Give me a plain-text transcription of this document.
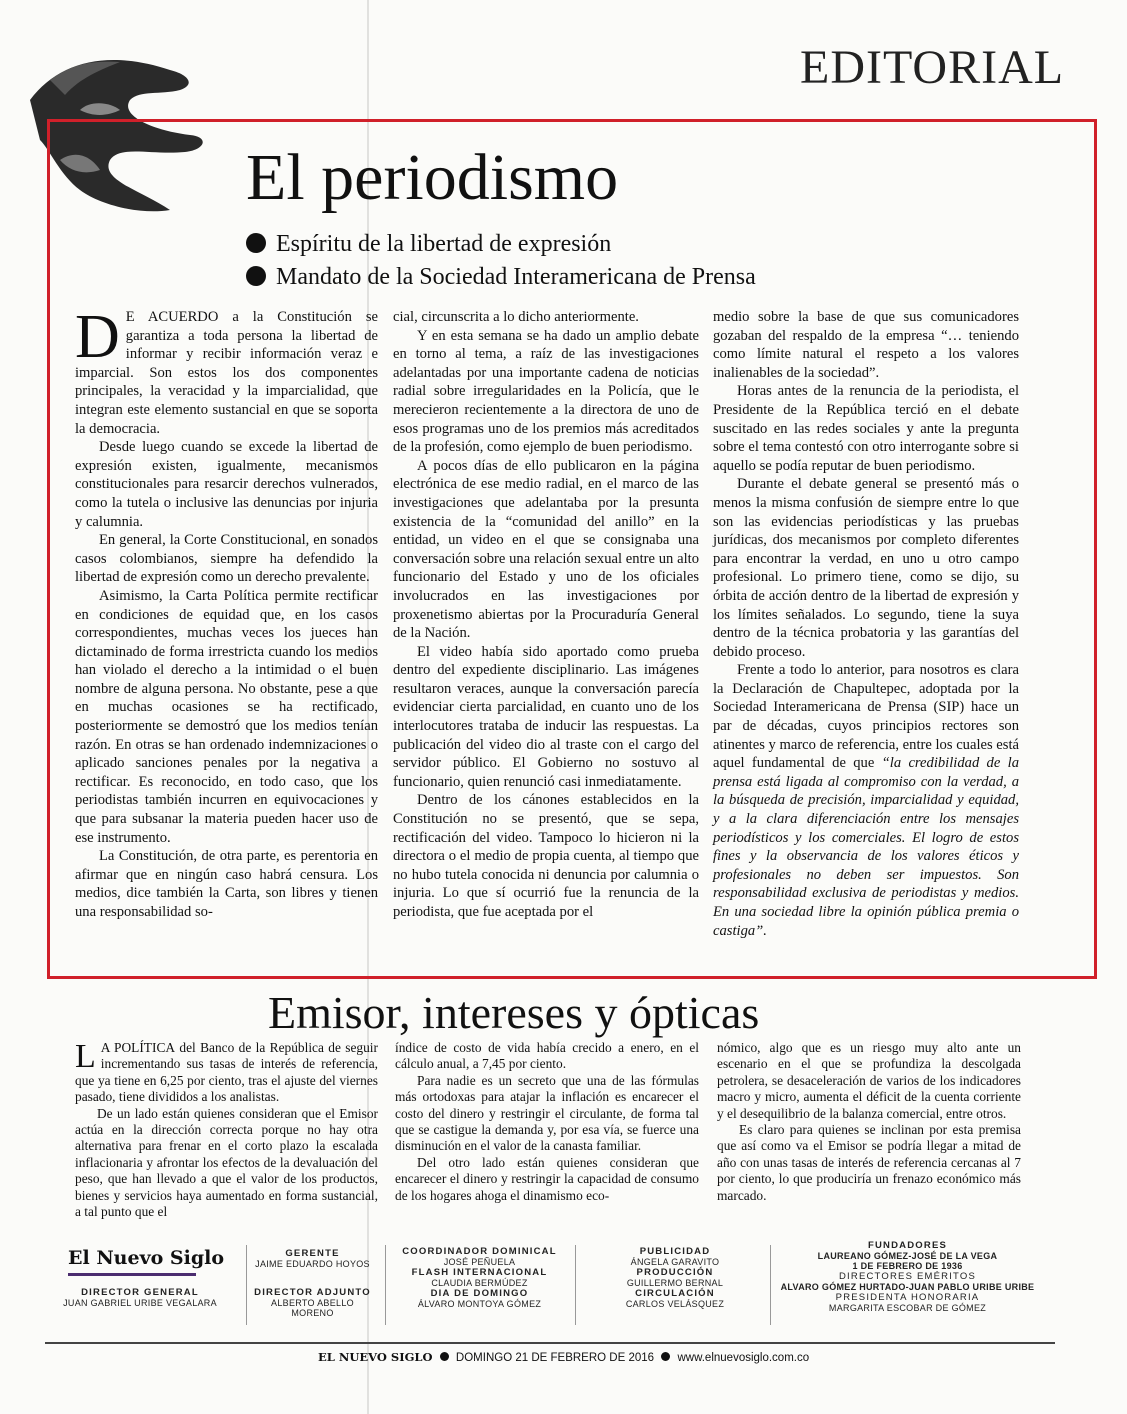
EDITORIAL
El periodismo
Espíritu de la libertad de expresión
Mandato de la Sociedad Interamericana de Prensa

D E ACUERDO a la Constitución se garantiza a toda persona la libertad de informar y recibir información veraz e imparcial. Son estos los dos componentes principales, la veracidad y la imparcialidad, que integran este elemento sustancial en que se soporta la democracia.

Desde luego cuando se excede la libertad de expresión existen, igualmente, mecanismos constitucionales para resarcir derechos vulnerados, como la tutela o inclusive las denuncias por injuria y calumnia.

En general, la Corte Constitucional, en sonados casos colombianos, siempre ha defendido la libertad de expresión como un derecho prevalente.

Asimismo, la Carta Política permite rectificar en condiciones de equidad que, en los casos correspondientes, muchas veces los jueces han dictaminado de forma irrestricta cuando los medios han violado el derecho a la intimidad o el buen nombre de alguna persona. No obstante, pese a que en muchas ocasiones se ha rectificado, posteriormente se demostró que los medios tenían razón. En otras se han ordenado indemnizaciones o aplicado sanciones penales por la negativa a rectificar. Es reconocido, en todo caso, que los periodistas también incurren en equivocaciones y que para subsanar la materia pueden hacer uso de ese instrumento.

La Constitución, de otra parte, es perentoria en afirmar que en ningún caso habrá censura. Los medios, dice también la Carta, son libres y tienen una responsabilidad so-

cial, circunscrita a lo dicho anteriormente.

Y en esta semana se ha dado un amplio debate en torno al tema, a raíz de las investigaciones adelantadas por una importante cadena de noticias radial sobre irregularidades en la Policía, que le merecieron recientemente a la directora de uno de esos programas uno de los premios más acreditados de la profesión, como ejemplo de buen periodismo.

A pocos días de ello publicaron en la página electrónica de ese medio radial, en el marco de las investigaciones que adelantaba por la presunta existencia de la “comunidad del anillo” en la entidad, un video en el que se consignaba una conversación sobre una relación sexual entre un alto funcionario del Estado y uno de los oficiales involucrados en las investigaciones por proxenetismo abiertas por la Procuraduría General de la Nación.

El video había sido aportado como prueba dentro del expediente disciplinario. Las imágenes resultaron veraces, aunque la conversación parecía evidenciar cierta parcialidad, en cuanto uno de los interlocutores trataba de inducir las respuestas. La publicación del video dio al traste con el cargo del servidor público. El Gobierno no sostuvo al funcionario, quien renunció casi inmediatamente.

Dentro de los cánones establecidos en la Constitución no se presentó, que se sepa, rectificación del video. Tampoco lo hicieron ni la directora o el medio de propia cuenta, al tiempo que no hubo tutela conocida ni denuncia por calumnia o injuria. Lo que sí ocurrió fue la renuncia de la periodista, que fue aceptada por el

medio sobre la base de que sus comunicadores gozaban del respaldo de la empresa “… teniendo como límite natural el respeto a los valores inalienables de la sociedad”.

Horas antes de la renuncia de la periodista, el Presidente de la República terció en el debate suscitado en las redes sociales y ante la pregunta sobre el tema contestó con otro interrogante sobre si aquello se podía reputar de buen periodismo.

Durante el debate general se presentó más o menos la misma confusión de siempre entre lo que son las evidencias periodísticas y las pruebas jurídicas, dos mecanismos por completo diferentes para encontrar la verdad, en uno u otro campo profesional. Lo primero tiene, como se dijo, su órbita de acción dentro de la libertad de expresión y los límites señalados. Lo segundo, tiene la suya dentro de la técnica probatoria y las garantías del debido proceso.

Frente a todo lo anterior, para nosotros es clara la Declaración de Chapultepec, adoptada por la Sociedad Interamericana de Prensa (SIP) hace un par de décadas, cuyos principios rectores son atinentes y marco de referencia, entre los cuales está aquel fundamental de que “la credibilidad de la prensa está ligada al compromiso con la verdad, a la búsqueda de precisión, imparcialidad y equidad, y a la clara diferenciación entre los mensajes periodísticos y los comerciales. El logro de estos fines y la observancia de los valores éticos y profesionales no deben ser impuestos. Son responsabilidad exclusiva de periodistas y medios. En una sociedad libre la opinión pública premia o castiga”.

Emisor, intereses y ópticas

L A POLÍTICA del Banco de la República de seguir incrementando sus tasas de interés de referencia, que ya tiene en 6,25 por ciento, tras el ajuste del viernes pasado, tiene divididos a los analistas.

De un lado están quienes consideran que el Emisor actúa en la dirección correcta porque no hay otra alternativa para frenar en el corto plazo la escalada inflacionaria y afrontar los efectos de la devaluación del peso, que han llevado a que el valor de los productos, bienes y servicios haya aumentado en forma sustancial, a tal punto que el

índice de costo de vida había crecido a enero, en el cálculo anual, a 7,45 por ciento.

Para nadie es un secreto que una de las fórmulas más ortodoxas para atajar la inflación es encarecer el costo del dinero y restringir el circulante, de forma tal que se castigue la demanda y, por esa vía, se fuerce una disminución en el valor de la canasta familiar.

Del otro lado están quienes consideran que encarecer el dinero y restringir la capacidad de consumo de los hogares ahoga el dinamismo eco-

nómico, algo que es un riesgo muy alto ante un escenario en el que se profundiza la descolgada petrolera, se desaceleración de varios de los indicadores macro y micro, aumenta el déficit de la cuenta corriente y el desequilibrio de la balanza comercial, entre otros.

Es claro para quienes se inclinan por esta premisa que así como va el Emisor se podría llegar a mitad de año con unas tasas de interés de referencia cercanas al 7 por ciento, lo que produciría un frenazo económico más marcado.

El Nuevo Siglo
DIRECTOR GENERAL
JUAN GABRIEL URIBE VEGALARA
GERENTE
JAIME EDUARDO HOYOS
DIRECTOR ADJUNTO
ALBERTO ABELLO MORENO
COORDINADOR DOMINICAL
JOSÉ PEÑUELA
FLASH INTERNACIONAL
CLAUDIA BERMÚDEZ
DIA DE DOMINGO
ÁLVARO MONTOYA GÓMEZ
PUBLICIDAD
ÁNGELA GARAVITO
PRODUCCIÓN
GUILLERMO BERNAL
CIRCULACIÓN
CARLOS VELÁSQUEZ
FUNDADORES
LAUREANO GÓMEZ-JOSÉ DE LA VEGA
1 DE FEBRERO DE 1936
DIRECTORES EMÉRITOS
ALVARO GÓMEZ HURTADO-JUAN PABLO URIBE URIBE
PRESIDENTA HONORARIA
MARGARITA ESCOBAR DE GÓMEZ
EL NUEVO SIGLO DOMINGO 21 DE FEBRERO DE 2016 www.elnuevosiglo.com.co
